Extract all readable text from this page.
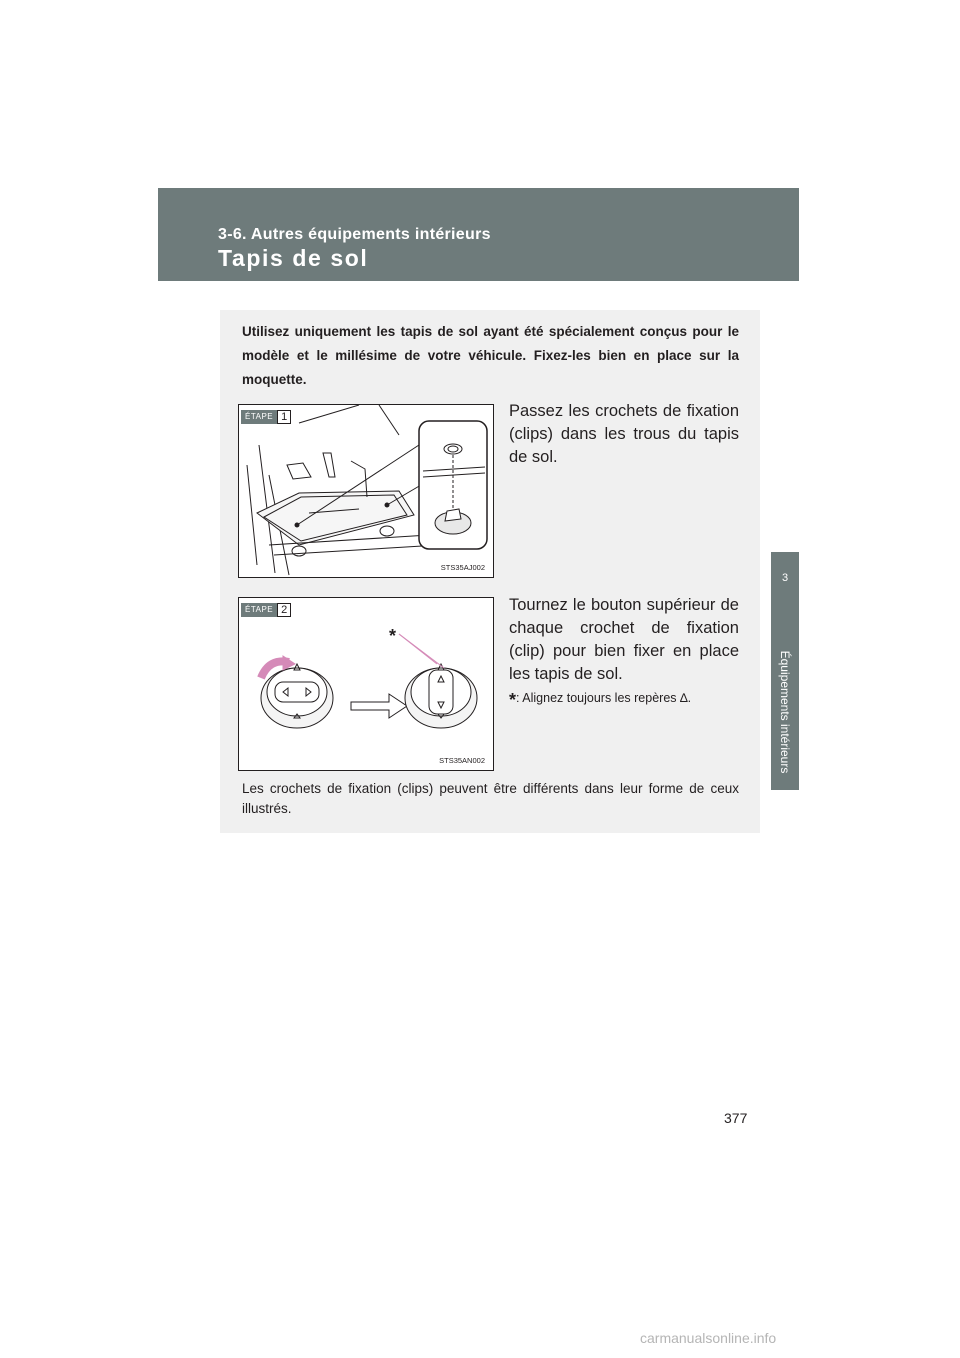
3-6. Autres équipements intérieurs
Tapis de sol
3
Équipements intérieurs
Utilisez uniquement les tapis de sol ayant été spécialement conçus pour le modèle et le millésime de votre véhicule. Fixez-les bien en place sur la moquette.
ÉTAPE 1
STS35AJ002
Passez les crochets de fixation (clips) dans les trous du tapis de sol.
*
ÉTAPE 2
STS35AN002
Tournez le bouton supérieur de chaque crochet de fixation (clip) pour bien fixer en place les tapis de sol.
*: Alignez toujours les repères ∆.
Les crochets de fixation (clips) peuvent être différents dans leur forme de ceux illustrés.
377
carmanualsonline.info
